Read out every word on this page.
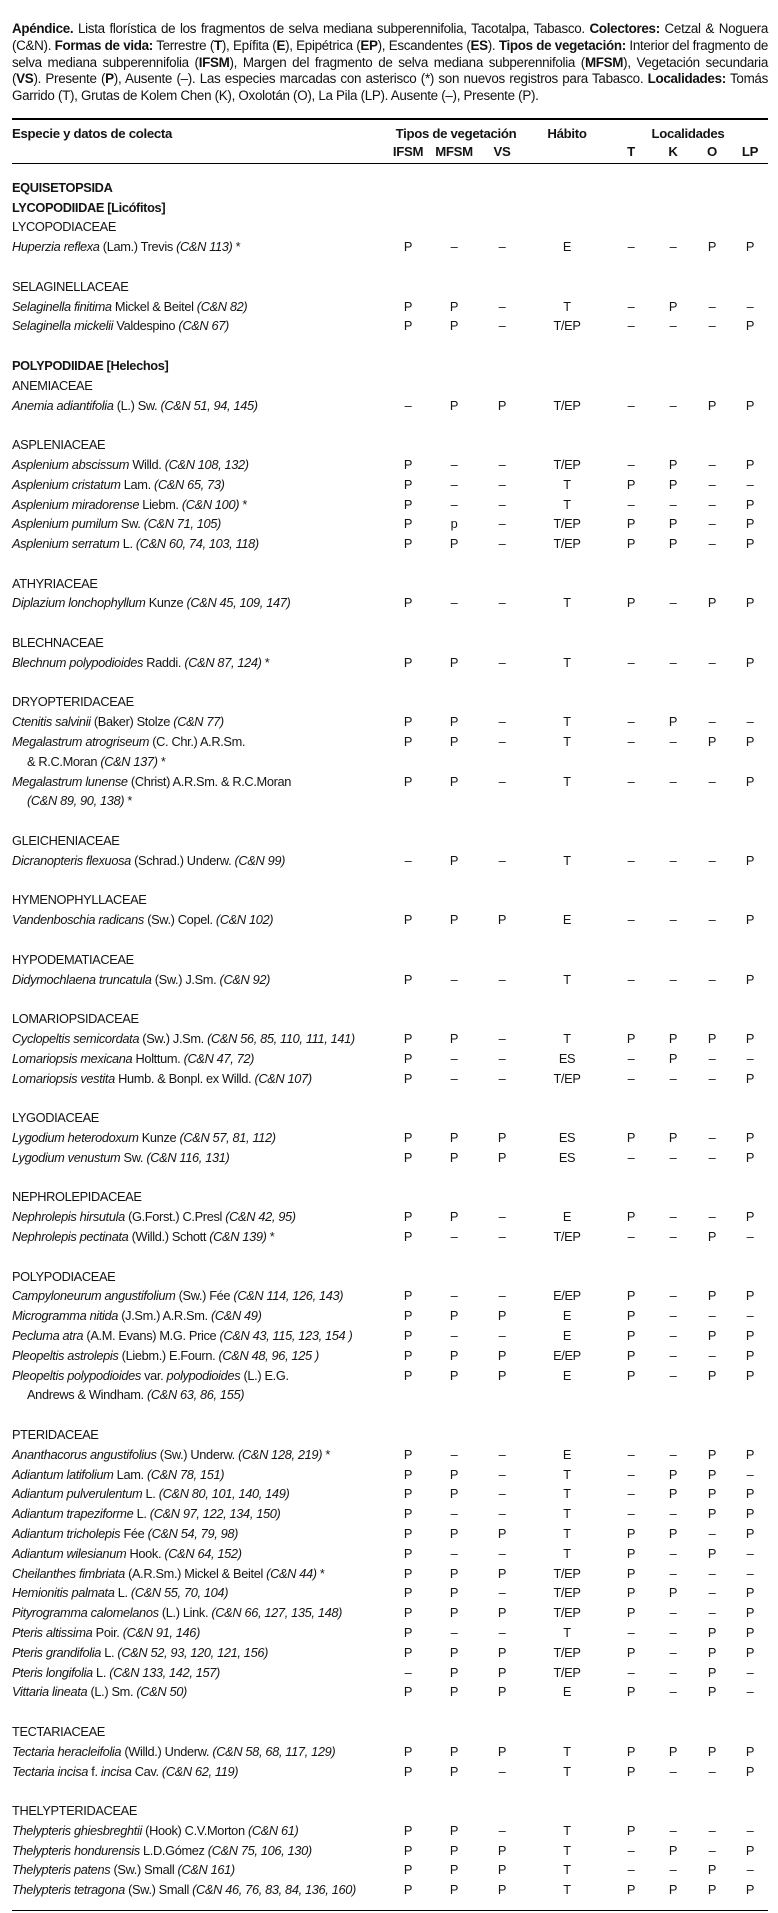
Apéndice. Lista florística de los fragmentos de selva mediana subperennifolia, Tacotalpa, Tabasco. Colectores: Cetzal & Noguera (C&N). Formas de vida: Terrestre (T), Epífita (E), Epipétrica (EP), Escandentes (ES). Tipos de vegetación: Interior del fragmento de selva mediana subperennifolia (IFSM), Margen del fragmento de selva mediana subperennifolia (MFSM), Vegetación secundaria (VS). Presente (P), Ausente (–). Las especies marcadas con asterisco (*) son nuevos registros para Tabasco. Localidades: Tomás Garrido (T), Grutas de Kolem Chen (K), Oxolotán (O), La Pila (LP). Ausente (–), Presente (P).

Especie y datos de colecta	Tipos de vegetación	Hábito	Localidades
IFSM MFSM	VS	T	K	O	LP
EQUISETOPSIDA
LYCOPODIIDAE [Licófitos]
LYCOPODIACEAE
Huperzia reflexa (Lam.) Trevis (C&N 113) *	P	–	–	E	–	–	P	P
SELAGINELLACEAE
Selaginella finitima Mickel & Beitel (C&N 82)	P	P	–	T	–	P	–	–
Selaginella mickelii Valdespino (C&N 67)	P	P	–	T/EP	–	–	–	P
POLYPODIIDAE [Helechos]
ANEMIACEAE
Anemia adiantifolia (L.) Sw. (C&N 51, 94, 145)	–	P	P	T/EP	–	–	P	P
ASPLENIACEAE
Asplenium abscissum Willd. (C&N 108, 132)	P	–	–	T/EP	–	P	–	P
Asplenium cristatum Lam. (C&N 65, 73)	P	–	–	T	P	P	–	–
Asplenium miradorense Liebm. (C&N 100) *	P	–	–	T	–	–	–	P
Asplenium pumilum Sw. (C&N 71, 105)	P	p	–	T/EP	P	P	–	P
Asplenium serratum L. (C&N 60, 74, 103, 118)	P	P	–	T/EP	P	P	–	P
ATHYRIACEAE
Diplazium lonchophyllum Kunze (C&N 45, 109, 147)	P	–	–	T	P	–	P	P
BLECHNACEAE
Blechnum polypodioides Raddi. (C&N 87, 124) *	P	P	–	T	–	–	–	P
DRYOPTERIDACEAE
Ctenitis salvinii (Baker) Stolze (C&N 77)	P	P	–	T	–	P	–	–
Megalastrum atrogriseum (C. Chr.) A.R.Sm.	P	P	–	T	–	–	P	P
& R.C.Moran (C&N 137) *
Megalastrum lunense (Christ) A.R.Sm. & R.C.Moran	P	P	–	T	–	–	–	P
(C&N 89, 90, 138) *
GLEICHENIACEAE
Dicranopteris flexuosa (Schrad.) Underw. (C&N 99)	–	P	–	T	–	–	–	P
HYMENOPHYLLACEAE
Vandenboschia radicans (Sw.) Copel. (C&N 102)	P	P	P	E	–	–	–	P
HYPODEMATIACEAE
Didymochlaena truncatula (Sw.) J.Sm. (C&N 92)	P	–	–	T	–	–	–	P
LOMARIOPSIDACEAE
Cyclopeltis semicordata (Sw.) J.Sm. (C&N 56, 85, 110, 111, 141)	P	P	–	T	P	P	P	P
Lomariopsis mexicana Holttum. (C&N 47, 72)	P	–	–	ES	–	P	–	–
Lomariopsis vestita Humb. & Bonpl. ex Willd. (C&N 107)	P	–	–	T/EP	–	–	–	P
LYGODIACEAE
Lygodium heterodoxum Kunze (C&N 57, 81, 112)	P	P	P	ES	P	P	–	P
Lygodium venustum Sw. (C&N 116, 131)	P	P	P	ES	–	–	–	P
NEPHROLEPIDACEAE
Nephrolepis hirsutula (G.Forst.) C.Presl (C&N 42, 95)	P	P	–	E	P	–	–	P
Nephrolepis pectinata (Willd.) Schott (C&N 139) *	P	–	–	T/EP	–	–	P	–
POLYPODIACEAE
Campyloneurum angustifolium (Sw.) Fée (C&N 114, 126, 143)	P	–	–	E/EP	P	–	P	P
Microgramma nitida (J.Sm.) A.R.Sm. (C&N 49)	P	P	P	E	P	–	–	–
Pecluma atra (A.M. Evans) M.G. Price (C&N 43, 115, 123, 154 )	P	–	–	E	P	–	P	P
Pleopeltis astrolepis (Liebm.) E.Fourn. (C&N 48, 96, 125 )	P	P	P	E/EP	P	–	–	P
Pleopeltis polypodioides var. polypodioides (L.) E.G.	P	P	P	E	P	–	P	P
Andrews & Windham. (C&N 63, 86, 155)
PTERIDACEAE
Ananthacorus angustifolius (Sw.) Underw. (C&N 128, 219) *	P	–	–	E	–	–	P	P
Adiantum latifolium Lam. (C&N 78, 151)	P	P	–	T	–	P	P	–
Adiantum pulverulentum L. (C&N 80, 101, 140, 149)	P	P	–	T	–	P	P	P
Adiantum trapeziforme L. (C&N 97, 122, 134, 150)	P	–	–	T	–	–	P	P
Adiantum tricholepis Fée (C&N 54, 79, 98)	P	P	P	T	P	P	–	P
Adiantum wilesianum Hook. (C&N 64, 152)	P	–	–	T	P	–	P	–
Cheilanthes fimbriata (A.R.Sm.) Mickel & Beitel (C&N 44) *	P	P	P	T/EP	P	–	–	–
Hemionitis palmata L. (C&N 55, 70, 104)	P	P	–	T/EP	P	P	–	P
Pityrogramma calomelanos (L.) Link. (C&N 66, 127, 135, 148)	P	P	P	T/EP	P	–	–	P
Pteris altissima Poir. (C&N 91, 146)	P	–	–	T	–	–	P	P
Pteris grandifolia L. (C&N 52, 93, 120, 121, 156)	P	P	P	T/EP	P	–	P	P
Pteris longifolia L. (C&N 133, 142, 157)	–	P	P	T/EP	–	–	P	–
Vittaria lineata (L.) Sm. (C&N 50)	P	P	P	E	P	–	P	–
TECTARIACEAE
Tectaria heracleifolia (Willd.) Underw. (C&N 58, 68, 117, 129)	P	P	P	T	P	P	P	P
Tectaria incisa f. incisa Cav. (C&N 62, 119)	P	P	–	T	P	–	–	P
THELYPTERIDACEAE
Thelypteris ghiesbreghtii (Hook) C.V.Morton (C&N 61)	P	P	–	T	P	–	–	–
Thelypteris hondurensis L.D.Gómez (C&N 75, 106, 130)	P	P	P	T	–	P	–	P
Thelypteris patens (Sw.) Small (C&N 161)	P	P	P	T	–	–	P	–
Thelypteris tetragona (Sw.) Small (C&N 46, 76, 83, 84, 136, 160)	P	P	P	T	P	P	P	P
